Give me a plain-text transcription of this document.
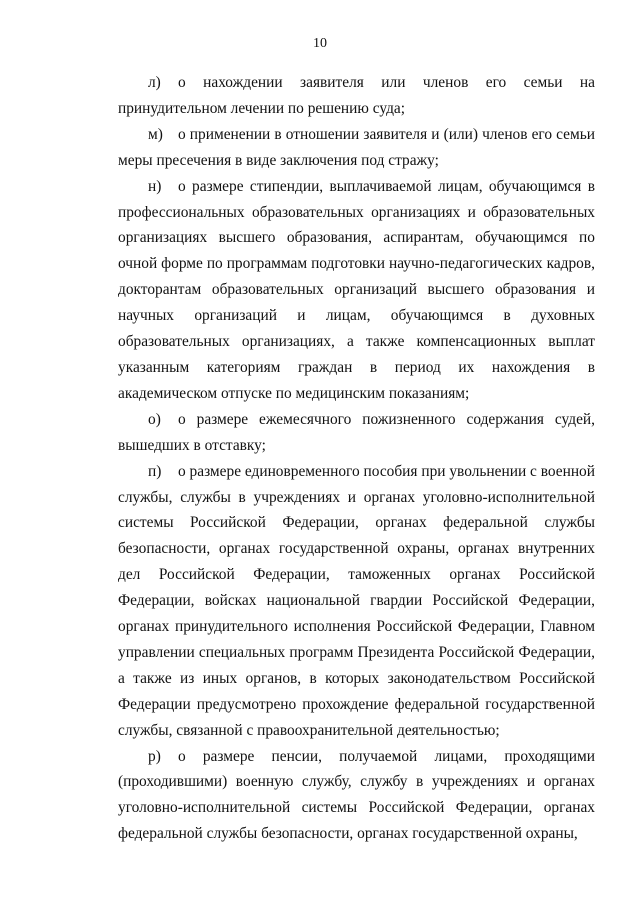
10

л) о нахождении заявителя или членов его семьи на принудительном лечении по решению суда;

м) о применении в отношении заявителя и (или) членов его семьи меры пресечения в виде заключения под стражу;

н) о размере стипендии, выплачиваемой лицам, обучающимся в профессиональных образовательных организациях и образовательных организациях высшего образования, аспирантам, обучающимся по очной форме по программам подготовки научно-педагогических кадров, докторантам образовательных организаций высшего образования и научных организаций и лицам, обучающимся в духовных образовательных организациях, а также компенсационных выплат указанным категориям граждан в период их нахождения в академическом отпуске по медицинским показаниям;

о) о размере ежемесячного пожизненного содержания судей, вышедших в отставку;

п) о размере единовременного пособия при увольнении с военной службы, службы в учреждениях и органах уголовно-исполнительной системы Российской Федерации, органах федеральной службы безопасности, органах государственной охраны, органах внутренних дел Российской Федерации, таможенных органах Российской Федерации, войсках национальной гвардии Российской Федерации, органах принудительного исполнения Российской Федерации, Главном управлении специальных программ Президента Российской Федерации, а также из иных органов, в которых законодательством Российской Федерации предусмотрено прохождение федеральной государственной службы, связанной с правоохранительной деятельностью;

р) о размере пенсии, получаемой лицами, проходящими (проходившими) военную службу, службу в учреждениях и органах уголовно-исполнительной системы Российской Федерации, органах федеральной службы безопасности, органах государственной охраны,
